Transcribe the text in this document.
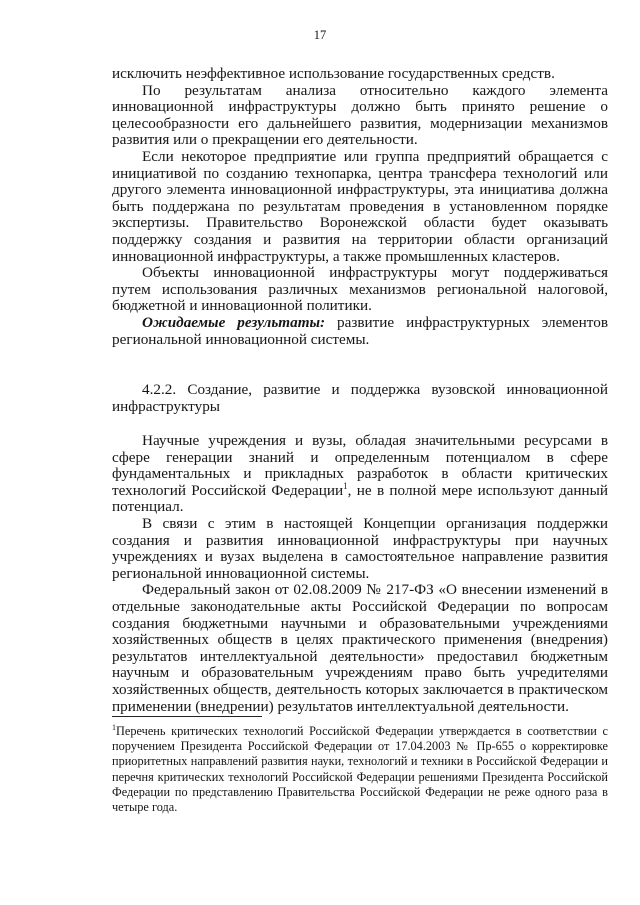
17

исключить неэффективное использование государственных средств.

По результатам анализа относительно каждого элемента инновационной инфраструктуры должно быть принято решение о целесообразности его дальнейшего развития, модернизации механизмов развития или о прекращении его деятельности.

Если некоторое предприятие или группа предприятий обращается с инициативой по созданию технопарка, центра трансфера технологий или другого элемента инновационной инфраструктуры, эта инициатива должна быть поддержана по результатам проведения в установленном порядке экспертизы. Правительство Воронежской области будет оказывать поддержку создания и развития на территории области организаций инновационной инфраструктуры, а также промышленных кластеров.

Объекты инновационной инфраструктуры могут поддерживаться путем использования различных механизмов региональной налоговой, бюджетной и инновационной политики.

Ожидаемые результаты: развитие инфраструктурных элементов региональной инновационной системы.

4.2.2. Создание, развитие и поддержка вузовской инновационной инфраструктуры

Научные учреждения и вузы, обладая значительными ресурсами в сфере генерации знаний и определенным потенциалом в сфере фундаментальных и прикладных разработок в области критических технологий Российской Федерации$^1$, не в полной мере используют данный потенциал.

В связи с этим в настоящей Концепции организация поддержки создания и развития инновационной инфраструктуры при научных учреждениях и вузах выделена в самостоятельное направление развития региональной инновационной системы.

Федеральный закон от 02.08.2009 № 217-ФЗ «О внесении изменений в отдельные законодательные акты Российской Федерации по вопросам создания бюджетными научными и образовательными учреждениями хозяйственных обществ в целях практического применения (внедрения) результатов интеллектуальной деятельности» предоставил бюджетным научным и образовательным учреждениям право быть учредителями хозяйственных обществ, деятельность которых заключается в практическом применении (внедрении) результатов интеллектуальной деятельности.

$^1$Перечень критических технологий Российской Федерации утверждается в соответствии с поручением Президента Российской Федерации от 17.04.2003 № Пр-655 о корректировке приоритетных направлений развития науки, технологий и техники в Российской Федерации и перечня критических технологий Российской Федерации решениями Президента Российской Федерации по представлению Правительства Российской Федерации не реже одного раза в четыре года.
